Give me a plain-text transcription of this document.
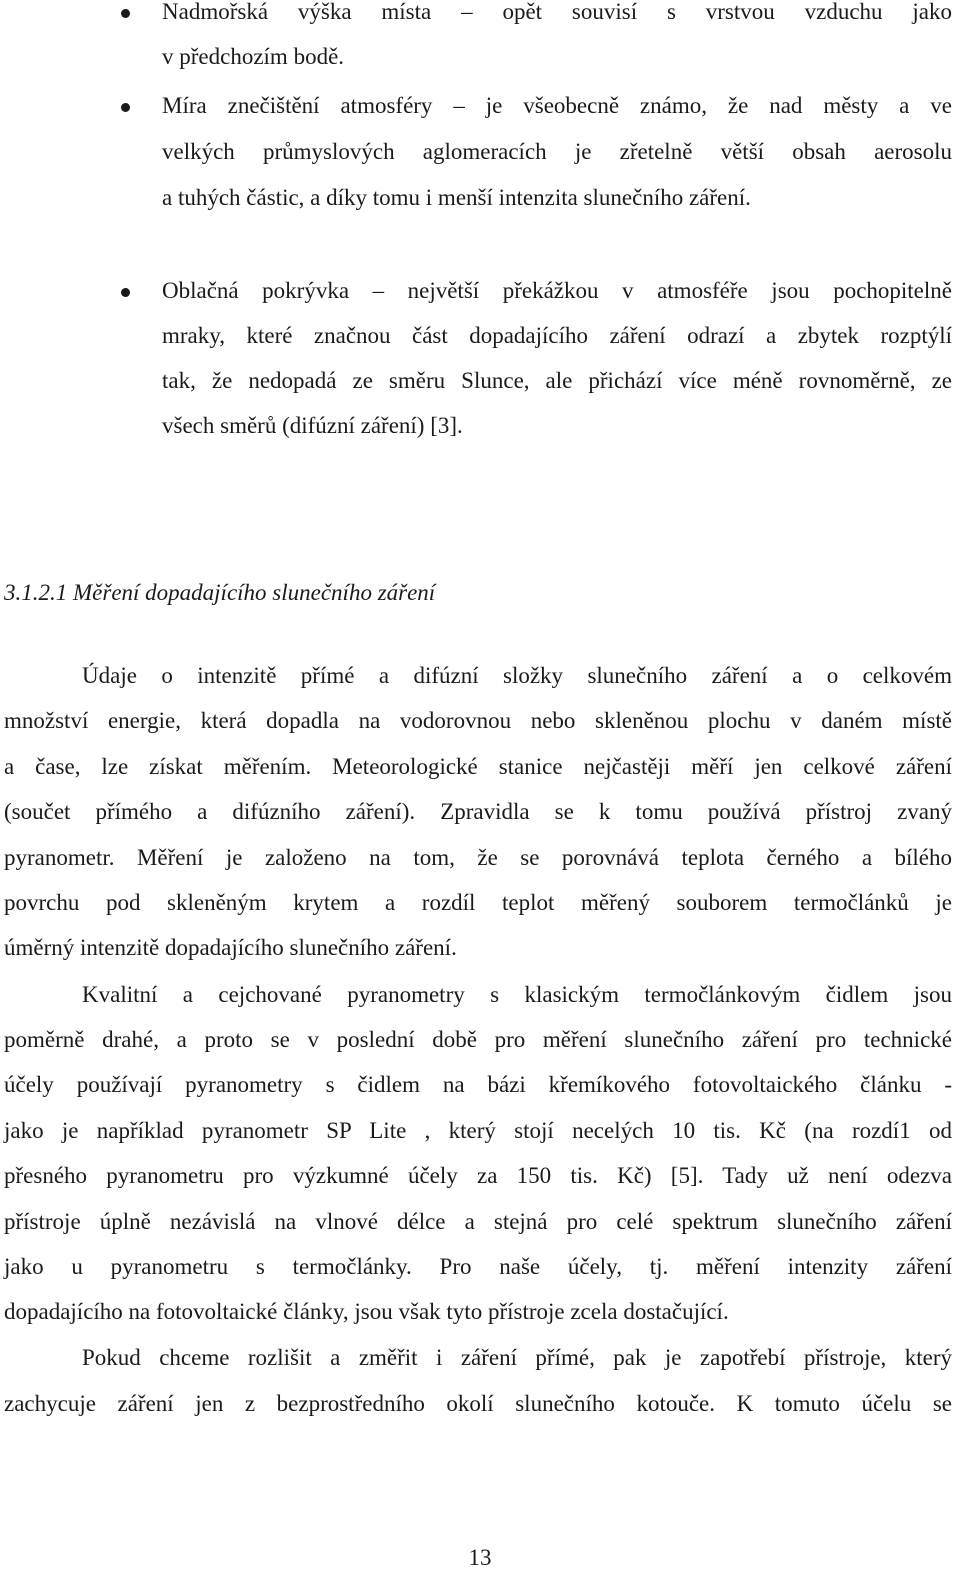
Nadmořská výška místa – opět souvisí s vrstvou vzduchu jako
v předchozím bodě.
Míra znečištění atmosféry – je všeobecně známo, že nad městy a ve
velkých průmyslových aglomeracích je zřetelně větší obsah aerosolu
a tuhých částic, a díky tomu i menší intenzita slunečního záření.
Oblačná pokrývka – největší překážkou v atmosféře jsou pochopitelně
mraky, které značnou část dopadajícího záření odrazí a zbytek rozptýlí
tak, že nedopadá ze směru Slunce, ale přichází více méně rovnoměrně, ze
všech směrů (difúzní záření) [3].
3.1.2.1 Měření dopadajícího slunečního záření
Údaje o intenzitě přímé a difúzní složky slunečního záření a o celkovém
množství energie, která dopadla na vodorovnou nebo skleněnou plochu v daném místě
a čase, lze získat měřením. Meteorologické stanice nejčastěji měří jen celkové záření
(součet přímého a difúzního záření). Zpravidla se k tomu používá přístroj zvaný
pyranometr. Měření je založeno na tom, že se porovnává teplota černého a bílého
povrchu pod skleněným krytem a rozdíl teplot měřený souborem termočlánků je
úměrný intenzitě dopadajícího slunečního záření.
Kvalitní a cejchované pyranometry s klasickým termočlánkovým čidlem jsou
poměrně drahé, a proto se v poslední době pro měření slunečního záření pro technické
účely používají pyranometry s čidlem na bázi křemíkového fotovoltaického článku -
jako je například pyranometr SP Lite , který stojí necelých 10 tis. Kč (na rozdí1 od
přesného pyranometru pro výzkumné účely za 150 tis. Kč) [5]. Tady už není odezva
přístroje úplně nezávislá na vlnové délce a stejná pro celé spektrum slunečního záření
jako u pyranometru s termočlánky. Pro naše účely, tj. měření intenzity záření
dopadajícího na fotovoltaické články, jsou však tyto přístroje zcela dostačující.
Pokud chceme rozlišit a změřit i záření přímé, pak je zapotřebí přístroje, který
zachycuje záření jen z bezprostředního okolí slunečního kotouče. K tomuto účelu se
13
